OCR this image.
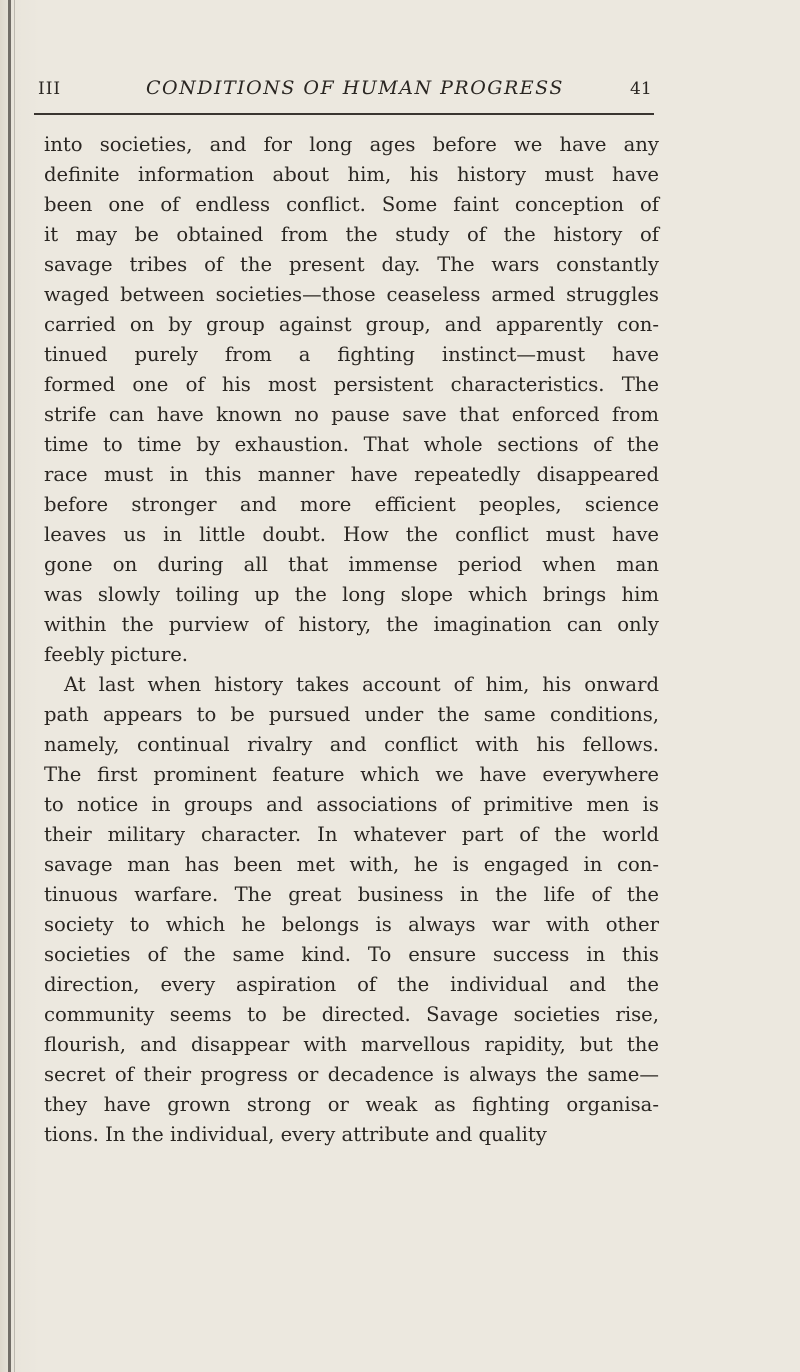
III	CONDITIONS OF HUMAN PROGRESS	41
into societies, and for long ages before we have any
definite information about him, his history must have
been one of endless conflict. Some faint conception of
it may be obtained from the study of the history of
savage tribes of the present day. The wars constantly
waged between societies—those ceaseless armed struggles
carried on by group against group, and apparently con-
tinued purely from a fighting instinct—must have
formed one of his most persistent characteristics. The
strife can have known no pause save that enforced from
time to time by exhaustion. That whole sections of the
race must in this manner have repeatedly disappeared
before stronger and more efficient peoples, science
leaves us in little doubt. How the conflict must have
gone on during all that immense period when man
was slowly toiling up the long slope which brings him
within the purview of history, the imagination can only
feebly picture.
At last when history takes account of him, his onward
path appears to be pursued under the same conditions,
namely, continual rivalry and conflict with his fellows.
The first prominent feature which we have everywhere
to notice in groups and associations of primitive men is
their military character. In whatever part of the world
savage man has been met with, he is engaged in con-
tinuous warfare. The great business in the life of the
society to which he belongs is always war with other
societies of the same kind. To ensure success in this
direction, every aspiration of the individual and the
community seems to be directed. Savage societies rise,
flourish, and disappear with marvellous rapidity, but the
secret of their progress or decadence is always the same—
they have grown strong or weak as fighting organisa-
tions. In the individual, every attribute and quality
